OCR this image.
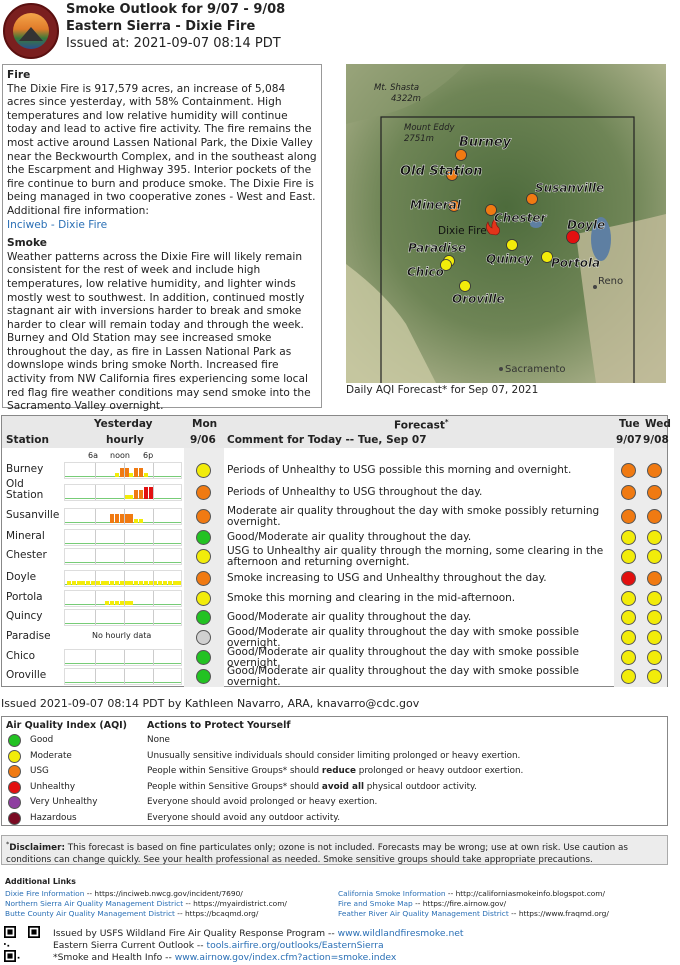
Smoke Outlook for 9/07 - 9/08
Eastern Sierra - Dixie Fire
Issued at: 2021-09-07 08:14 PDT
Fire

The Dixie Fire is 917,579 acres, an increase of 5,084 acres since yesterday, with 58% Containment. High temperatures and low relative humidity will continue today and lead to active fire activity. The fire remains the most active around Lassen National Park, the Dixie Valley near the Beckwourth Complex, and in the southeast along the Escarpment and Highway 395. Interior pockets of the fire continue to burn and produce smoke. The Dixie Fire is being managed in two cooperative zones - West and East. Additional fire information:
Inciweb - Dixie Fire

Smoke

Weather patterns across the Dixie Fire will likely remain consistent for the rest of week and include high temperatures, low relative humidity, and lighter winds mostly west to southwest. In addition, continued mostly stagnant air with inversions harder to break and smoke harder to clear will remain today and through the week. Burney and Old Station may see increased smoke throughout the day, as fire in Lassen National Park as downslope winds bring smoke North. Increased fire activity from NW California fires experiencing some local red flag fire weather conditions may send smoke into the Sacramento Valley overnight.

Mt. Shasta
4322m
Mount Eddy
2751m
Reno
Sacramento
Dixie Fire
Burney
Old Station
Susanville
Mineral
Chester Doyle
Paradise
Quincy Portola
Chico
Oroville
Daily AQI Forecast* for Sep 07, 2021
Yesterday
hourly
Station
Mon
9/06
Forecast*
Comment for Today -- Tue, Sep 07
Tue
9/07
Wed
9/08
6a noon 6p
Burney	Periods of Unhealthy to USG possible this morning and overnight.
Old Station	Periods of Unhealthy to USG throughout the day.
Susanville	Moderate air quality throughout the day with smoke possibly returning overnight.
Mineral	Good/Moderate air quality throughout the day.
Chester	USG to Unhealthy air quality through the morning, some clearing in the afternoon and returning overnight.
Doyle	Smoke increasing to USG and Unhealthy throughout the day.
Portola	Smoke this morning and clearing in the mid-afternoon.
Quincy	Good/Moderate air quality throughout the day.
Paradise	No hourly data	Good/Moderate air quality throughout the day with smoke possible overnight.
Chico	Good/Moderate air quality throughout the day with smoke possible overnight.
Oroville	Good/Moderate air quality throughout the day with smoke possible overnight.
Issued 2021-09-07 08:14 PDT by Kathleen Navarro, ARA, knavarro@cdc.gov
Air Quality Index (AQI) Actions to Protect Yourself
Good	None
Moderate	Unusually sensitive individuals should consider limiting prolonged or heavy exertion.
USG	People within Sensitive Groups* should reduce prolonged or heavy outdoor exertion.
Unhealthy	People within Sensitive Groups* should avoid all physical outdoor activity.
Very Unhealthy	Everyone should avoid prolonged or heavy exertion.
Hazardous	Everyone should avoid any outdoor activity.
*Disclaimer: This forecast is based on fine particulates only; ozone is not included. Forecasts may be wrong; use at own risk. Use caution as conditions can change quickly. See your health professional as needed. Smoke sensitive groups should take appropriate precautions.
Additional Links
Dixie Fire Information -- https://inciweb.nwcg.gov/incident/7690/
Northern Sierra Air Quality Management District -- https://myairdistrict.com/
Butte County Air Quality Management District -- https://bcaqmd.org/
California Smoke Information -- http://californiasmokeinfo.blogspot.com/
Fire and Smoke Map -- https://fire.airnow.gov/
Feather River Air Quality Management District -- https://www.fraqmd.org/
Issued by USFS Wildland Fire Air Quality Response Program -- www.wildlandfiresmoke.net
Eastern Sierra Current Outlook -- tools.airfire.org/outlooks/EasternSierra
*Smoke and Health Info -- www.airnow.gov/index.cfm?action=smoke.index
